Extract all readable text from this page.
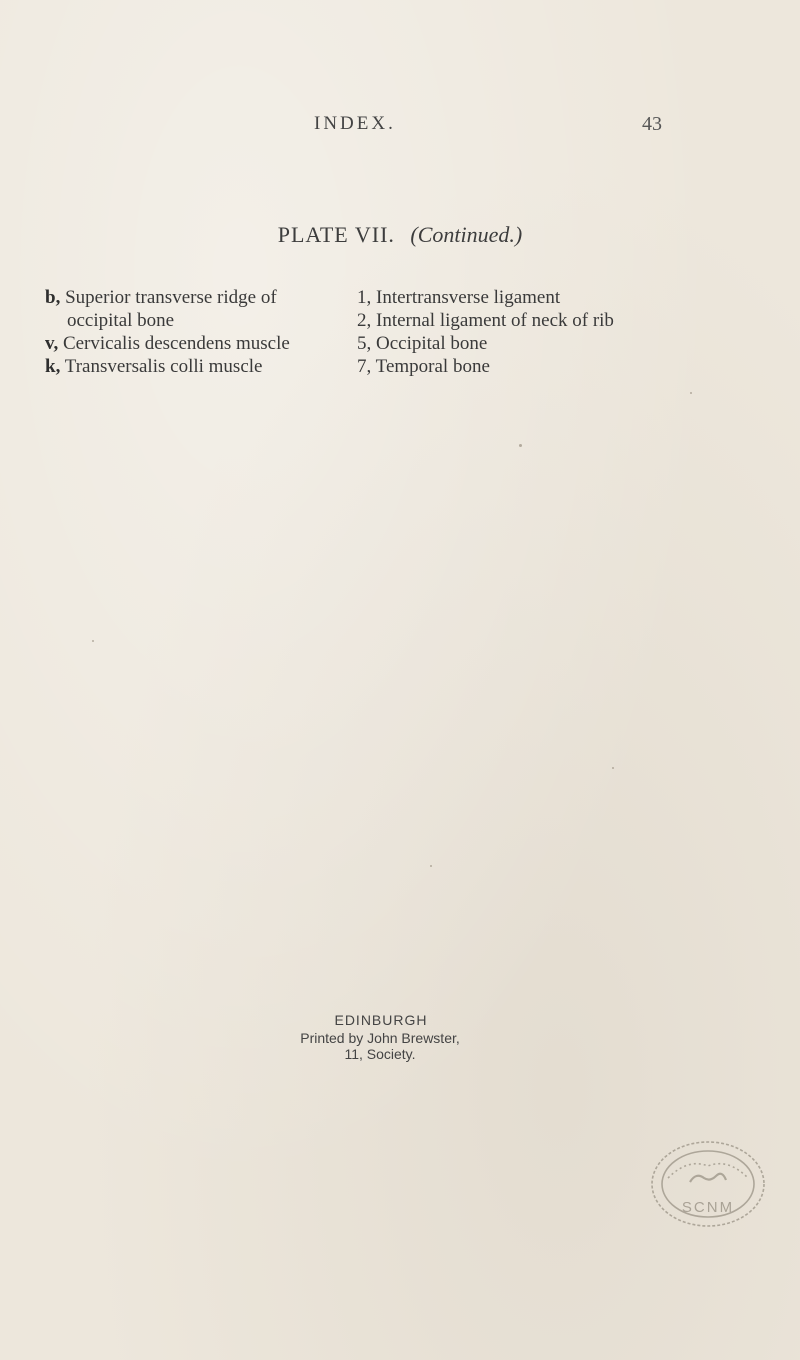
INDEX.	43
PLATE VII. (Continued.)
b, Superior transverse ridge of occipital bone
v, Cervicalis descendens muscle
k, Transversalis colli muscle
1, Intertransverse ligament
2, Internal ligament of neck of rib
5, Occipital bone
7, Temporal bone
EDINBURGH
Printed by John Brewster,
11, Society.
SCNM
